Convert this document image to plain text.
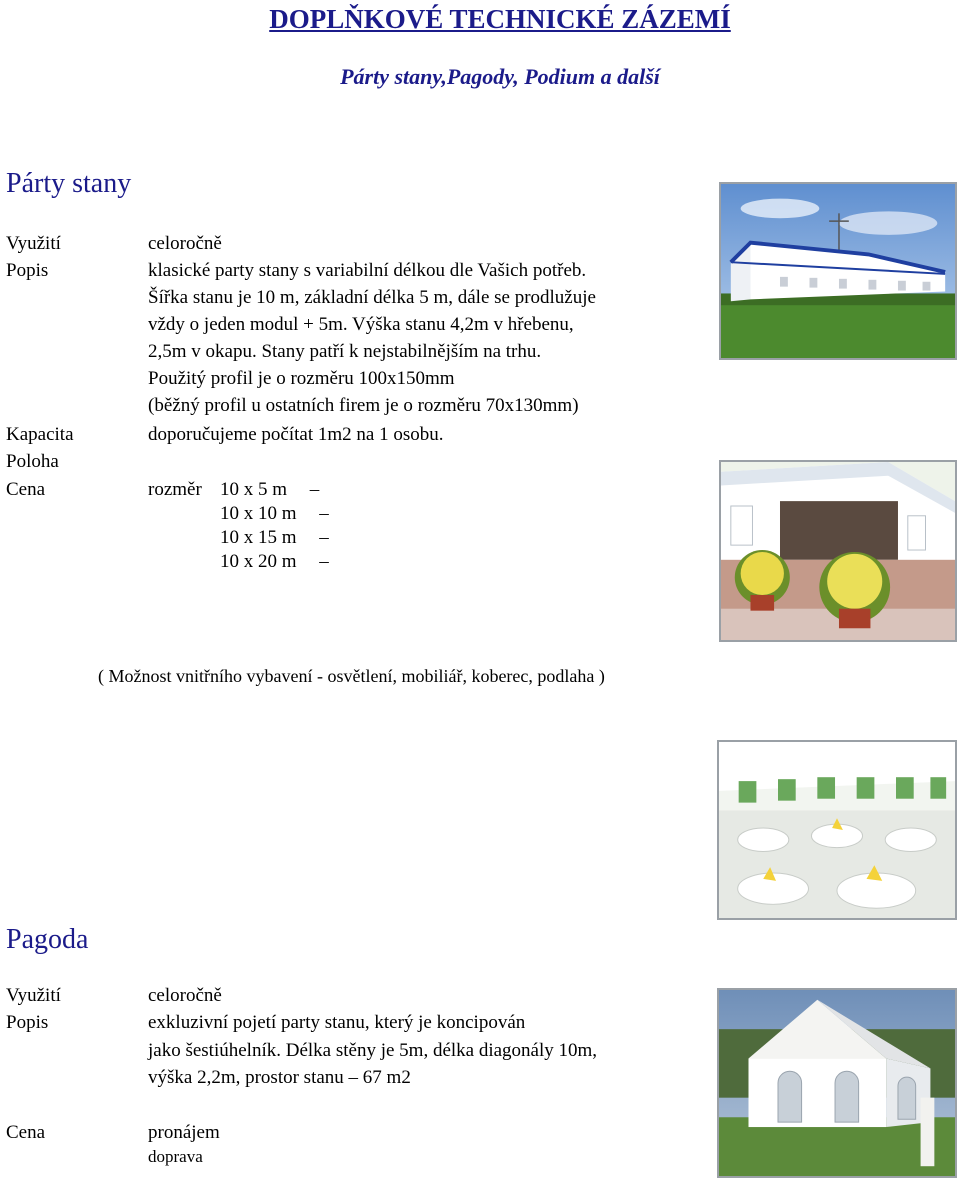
DOPLŇKOVÉ TECHNICKÉ ZÁZEMÍ
Párty stany,Pagody, Podium a další
Párty stany
Využití	celoročně
Popis	klasické party stany s variabilní délkou dle Vašich potřeb.
Šířka stanu je 10 m, základní délka 5 m, dále se prodlužuje
vždy o jeden modul + 5m. Výška stanu 4,2m v hřebenu,
2,5m v okapu. Stany patří k nejstabilnějším na trhu.
Použitý profil je o rozměru 100x150mm
(běžný profil u ostatních firem je o rozměru 70x130mm)
Kapacita	doporučujeme počítat 1m2 na 1 osobu.
Poloha
Cena	rozměr 10 x 5 m –
10 x 10 m –
10 x 15 m –
10 x 20 m –
( Možnost vnitřního vybavení - osvětlení, mobiliář, koberec, podlaha )
Pagoda
Využití	celoročně
Popis	exkluzivní pojetí party stanu, který je koncipován
jako šestiúhelník. Délka stěny je 5m, délka diagonály 10m,
výška 2,2m, prostor stanu – 67 m2
Cena	pronájem
doprava
